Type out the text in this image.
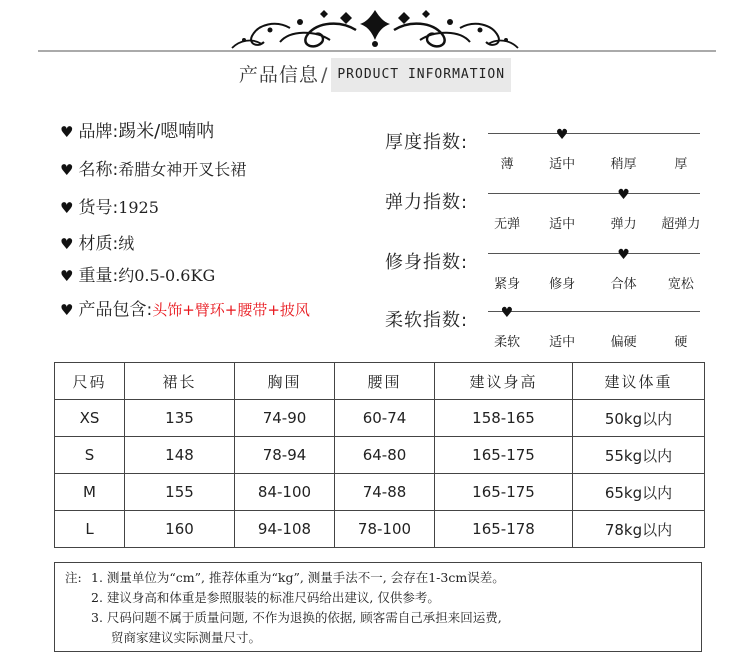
产品信息 / PRODUCT INFORMATION
♥ 品牌:踢米/嗯喃呐
♥ 名称:希腊女神开叉长裙
♥ 货号:1925
♥ 材质:绒
♥ 重量:约0.5-0.6KG
♥ 产品包含:头饰+臂环+腰带+披风
厚度指数:	♥
薄	适中	稍厚	厚
弹力指数:	♥
无弹 适中	弹力 超弹力
修身指数:	♥
紧身 修身	合体 宽松
柔软指数: ♥
柔软 适中	偏硬	硬
尺码	裙长	胸围	腰围	建议身高	建议体重
XS	135	74-90	60-74	158-165	50kg以内
S	148	78-94	64-80	165-175	55kg以内
M	155	84-100	74-88	165-175	65kg以内
L	160	94-108	78-100	165-178	78kg以内
注: 1. 测量单位为“cm”, 推荐体重为“kg”, 测量手法不一, 会存在1-3cm误差。
2. 建议身高和体重是参照服装的标准尺码给出建议, 仅供参考。
3. 尺码问题不属于质量问题, 不作为退换的依据, 顾客需自己承担来回运费,
贸商家建议实际测量尺寸。
